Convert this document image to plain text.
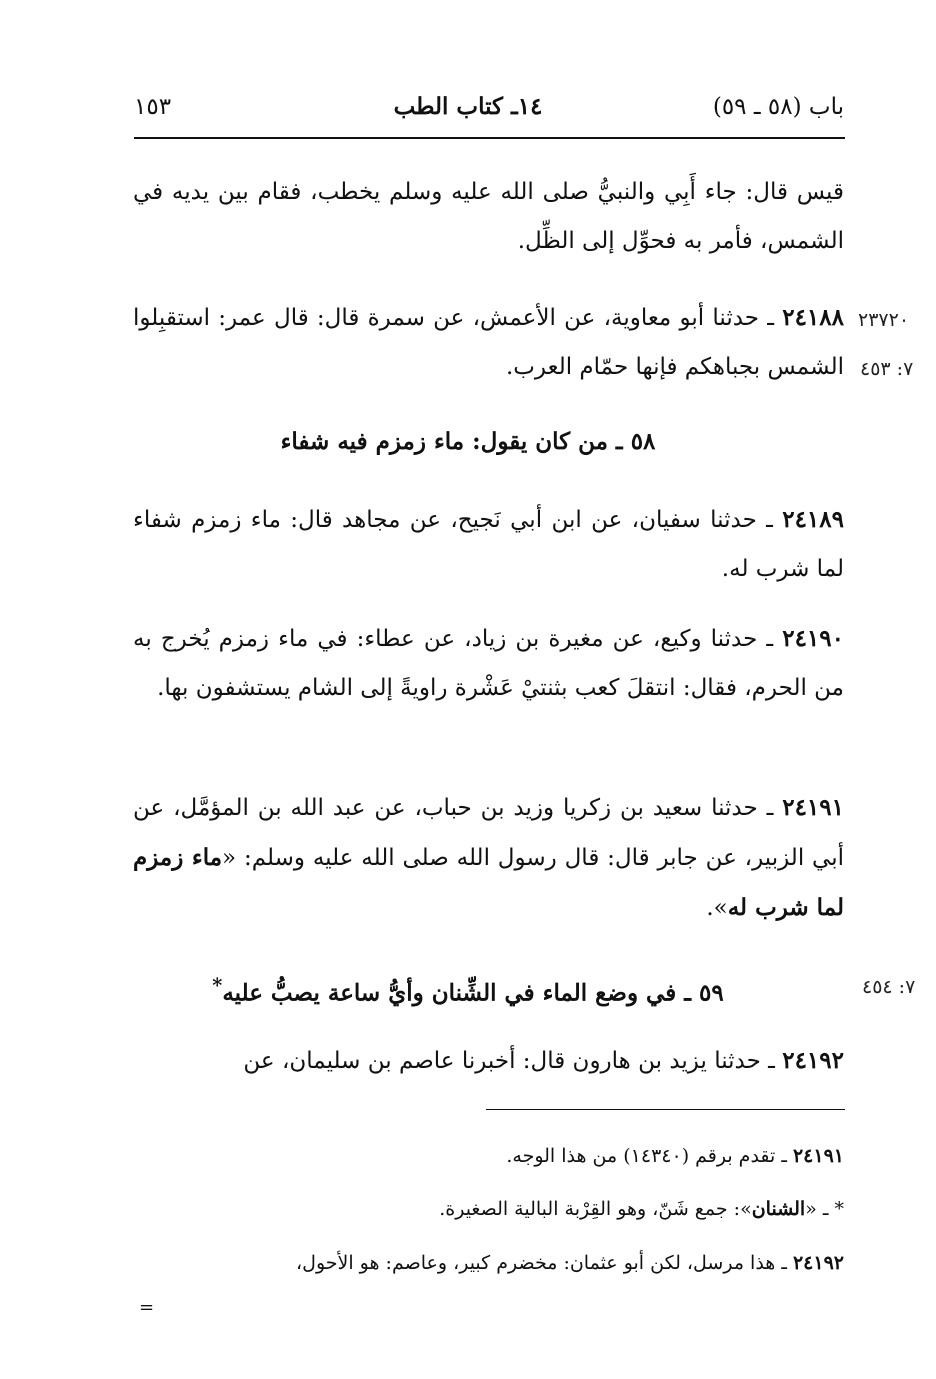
باب (٥٨ ـ ٥٩)
١٤ـ كتاب الطب
١٥٣
قيس قال: جاء أَبِي والنبيُّ صلى الله عليه وسلم يخطب، فقام بين يديه في الشمس، فأمر به فحوِّل إلى الظِّل.
٢٤١٨٨ ـ حدثنا أبو معاوية، عن الأعمش، عن سمرة قال: قال عمر: استقبِلوا الشمس بجباهكم فإنها حمّام العرب.
٢٣٧٢٠
٧: ٤٥٣
٥٨ ـ من كان يقول: ماء زمزم فيه شفاء
٢٤١٨٩ ـ حدثنا سفيان، عن ابن أبي نَجيح، عن مجاهد قال: ماء زمزم شفاء لما شرب له.
٢٤١٩٠ ـ حدثنا وكيع، عن مغيرة بن زياد، عن عطاء: في ماء زمزم يُخرج به من الحرم، فقال: انتقلَ كعب بثنتيْ عَشْرة راويةً إلى الشام يستشفون بها.
٢٤١٩١ ـ حدثنا سعيد بن زكريا وزيد بن حباب، عن عبد الله بن المؤمَّل، عن أبي الزبير، عن جابر قال: قال رسول الله صلى الله عليه وسلم: «ماء زمزم لما شرب له».
٥٩ ـ في وضع الماء في الشِّنان وأيُّ ساعة يصبُّ عليه*	٧: ٤٥٤
٢٤١٩٢ ـ حدثنا يزيد بن هارون قال: أخبرنا عاصم بن سليمان، عن
٢٤١٩١ ـ تقدم برقم (١٤٣٤٠) من هذا الوجه.
* ـ «الشنان»: جمع شَنّ، وهو القِرْبة البالية الصغيرة.
٢٤١٩٢ ـ هذا مرسل، لكن أبو عثمان: مخضرم كبير، وعاصم: هو الأحول،
=
